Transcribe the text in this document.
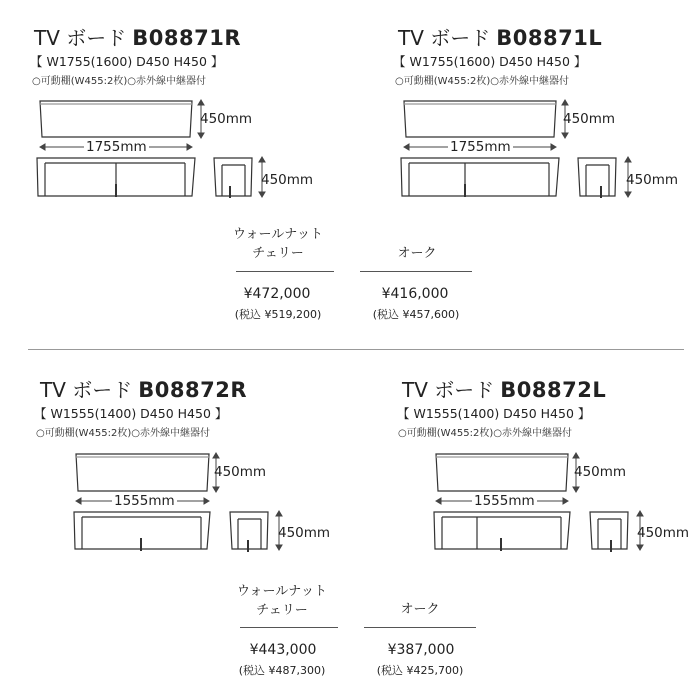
TV ボード B08871R
【 W1755(1600) D450 H450 】
○可動棚(W455:2枚)○赤外線中継器付
1755mm
450mm
450mm
TV ボード B08871L
【 W1755(1600) D450 H450 】
○可動棚(W455:2枚)○赤外線中継器付
1755mm
450mm
450mm
ウォールナット
チェリー
¥472,000
(税込 ¥519,200)
オーク
¥416,000
(税込 ¥457,600)
TV ボード B08872R
【 W1555(1400) D450 H450 】
○可動棚(W455:2枚)○赤外線中継器付
1555mm
450mm
450mm
TV ボード B08872L
【 W1555(1400) D450 H450 】
○可動棚(W455:2枚)○赤外線中継器付
1555mm
450mm
450mm
ウォールナット
チェリー
¥443,000
(税込 ¥487,300)
オーク
¥387,000
(税込 ¥425,700)
